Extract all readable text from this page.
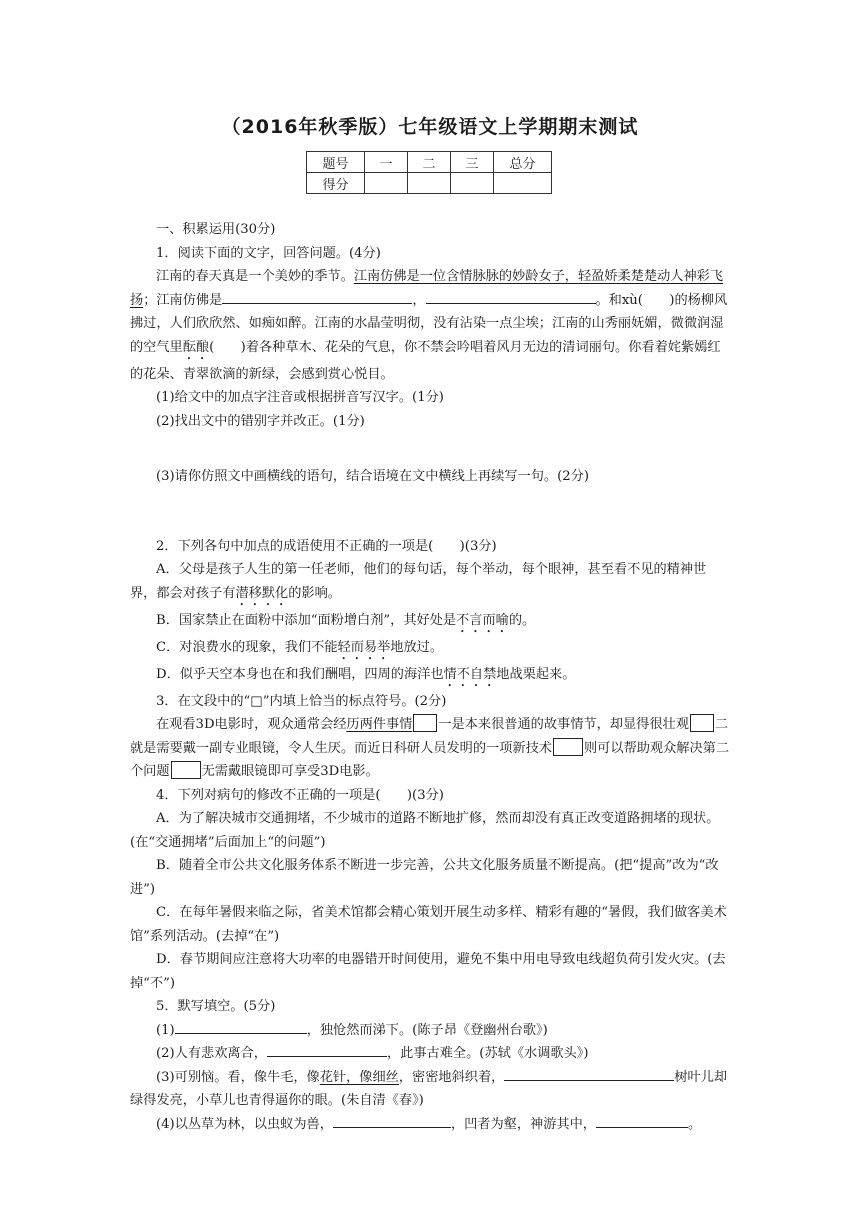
（2016年秋季版）七年级语文上学期期末测试
题号	一	二	三	总分
得分				

一、积累运用(30分)

1．阅读下面的文字，回答问题。(4分)

江南的春天真是一个美妙的季节。江南仿佛是一位含情脉脉的妙龄女子，轻盈娇柔楚楚动人神彩飞扬；江南仿佛是	，	。和xù(　　)的杨柳风拂过，人们欣欣然、如痴如醉。江南的水晶莹明彻，没有沾染一点尘埃；江南的山秀丽妩媚，微微润湿的空气里酝酿(　　)着各种草木、花朵的气息，你不禁会吟唱着风月无边的清词丽句。你看着姹紫嫣红的花朵、青翠欲滴的新绿，会感到赏心悦目。

(1)给文中的加点字注音或根据拼音写汉字。(1分)

(2)找出文中的错别字并改正。(1分)

(3)请你仿照文中画横线的语句，结合语境在文中横线上再续写一句。(2分)

2．下列各句中加点的成语使用不正确的一项是(　　)(3分)

A．父母是孩子人生的第一任老师，他们的每句话，每个举动，每个眼神，甚至看不见的精神世界，都会对孩子有潜移默化的影响。

B．国家禁止在面粉中添加“面粉增白剂”，其好处是不言而喻的。

C．对浪费水的现象，我们不能轻而易举地放过。

D．似乎天空本身也在和我们酬唱，四周的海洋也情不自禁地战栗起来。

3．在文段中的“□”内填上恰当的标点符号。(2分)

在观看3D电影时，观众通常会经历两件事情 一是本来很普通的故事情节，却显得很壮观 二就是需要戴一副专业眼镜，令人生厌。而近日科研人员发明的一项新技术 则可以帮助观众解决第二个问题 无需戴眼镜即可享受3D电影。

4．下列对病句的修改不正确的一项是(　　)(3分)

A．为了解决城市交通拥堵，不少城市的道路不断地扩修，然而却没有真正改变道路拥堵的现状。(在“交通拥堵”后面加上“的问题”)

B．随着全市公共文化服务体系不断进一步完善，公共文化服务质量不断提高。(把“提高”改为“改进”)

C．在每年暑假来临之际，省美术馆都会精心策划开展生动多样、精彩有趣的“暑假，我们做客美术馆”系列活动。(去掉“在”)

D．春节期间应注意将大功率的电器错开时间使用，避免不集中用电导致电线超负荷引发火灾。(去掉“不”)

5．默写填空。(5分)

(1)	，独怆然而涕下。(陈子昂《登幽州台歌》)

(2)人有悲欢离合，	，此事古难全。(苏轼《水调歌头》)

(3)可别恼。看，像牛毛，像花针，像细丝，密密地斜织着，	树叶儿却绿得发亮，小草儿也青得逼你的眼。(朱自清《春》)

(4)以丛草为林，以虫蚁为兽，	，凹者为壑，神游其中，	。
